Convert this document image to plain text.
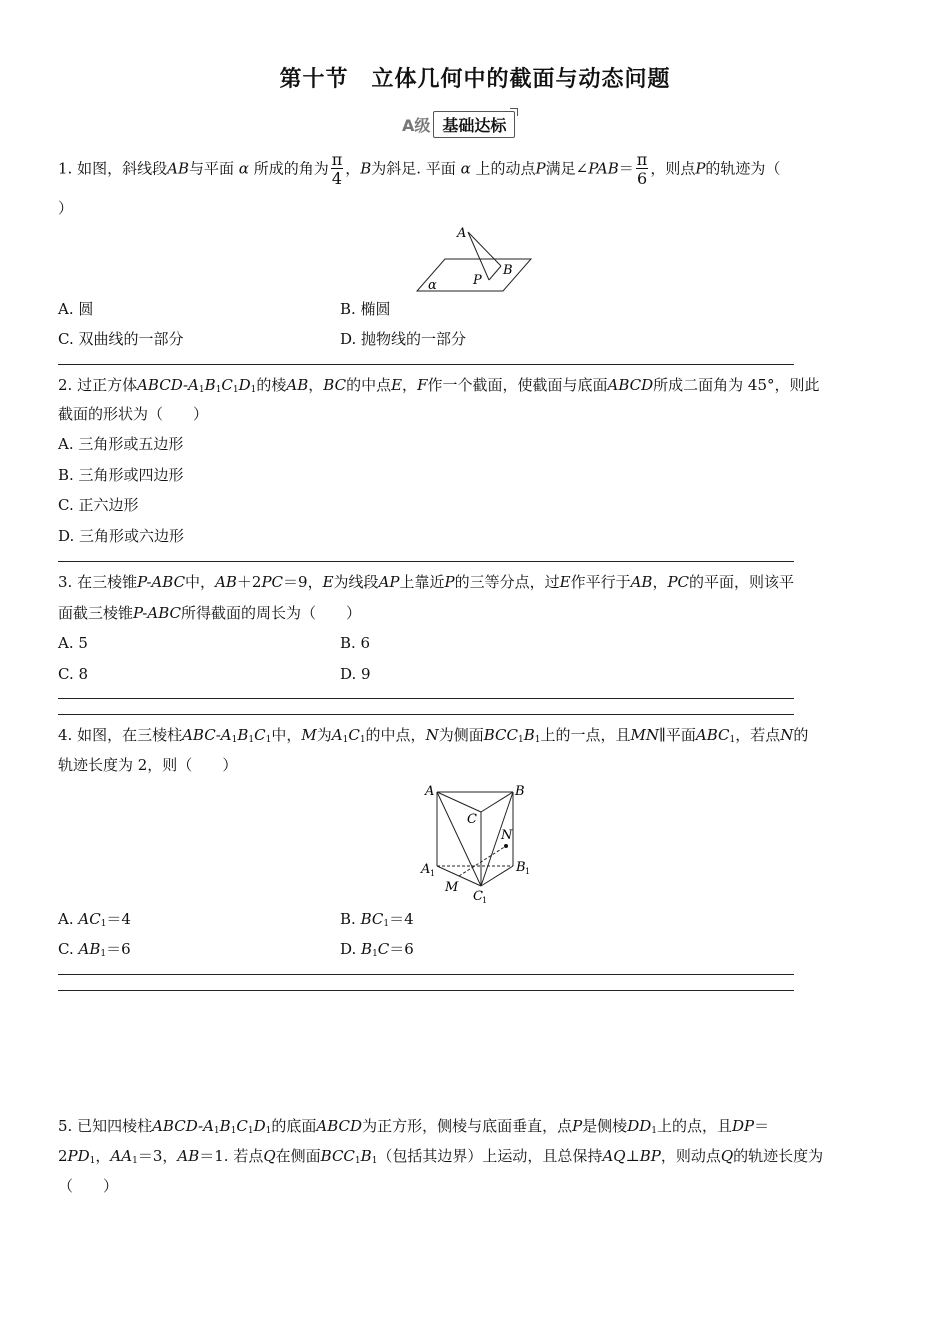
第十节　立体几何中的截面与动态问题
A级 基础达标
1. 如图，斜线段AB与平面 α 所成的角为 $\frac{\pi}{4}$ ，B为斜足. 平面 α 上的动点P满足∠PAB＝ $\frac{\pi}{6}$ ，则点P的轨迹为（
）
A
B
P
α
A. 圆	B. 椭圆
C. 双曲线的一部分	D. 抛物线的一部分
2. 过正方体ABCD-$A_1B_1C_1D_1$的棱AB，BC的中点E，F作一个截面，使截面与底面ABCD所成二面角为 45°，则此
截面的形状为（　　）
A. 三角形或五边形
B. 三角形或四边形
C. 正六边形
D. 三角形或六边形
3. 在三棱锥P-ABC中，AB＋2PC＝9，E为线段AP上靠近P的三等分点，过E作平行于AB，PC的平面，则该平
面截三棱锥P-ABC所得截面的周长为（　　）
A. 5	B. 6
C. 8	D. 9
4. 如图，在三棱柱ABC-$A_1B_1C_1$中，M为$A_1C_1$的中点，N为侧面$BCC_1B_1$上的一点，且MN∥平面$ABC_1$，若点N的
轨迹长度为 2，则（　　）
A	B
C
N
A 1	B 1
M
C 1
A. $AC_1=4$	B. $BC_1=4$
C. $AB_1=6$	D. $B_1C=6$
5. 已知四棱柱ABCD-$A_1B_1C_1D_1$的底面ABCD为正方形，侧棱与底面垂直，点P是侧棱$DD_1$上的点，且DP＝
$2PD_1$，$AA_1=3$，AB＝1. 若点Q在侧面$BCC_1B_1$（包括其边界）上运动，且总保持AQ⊥BP，则动点Q的轨迹长度为
（　　）
